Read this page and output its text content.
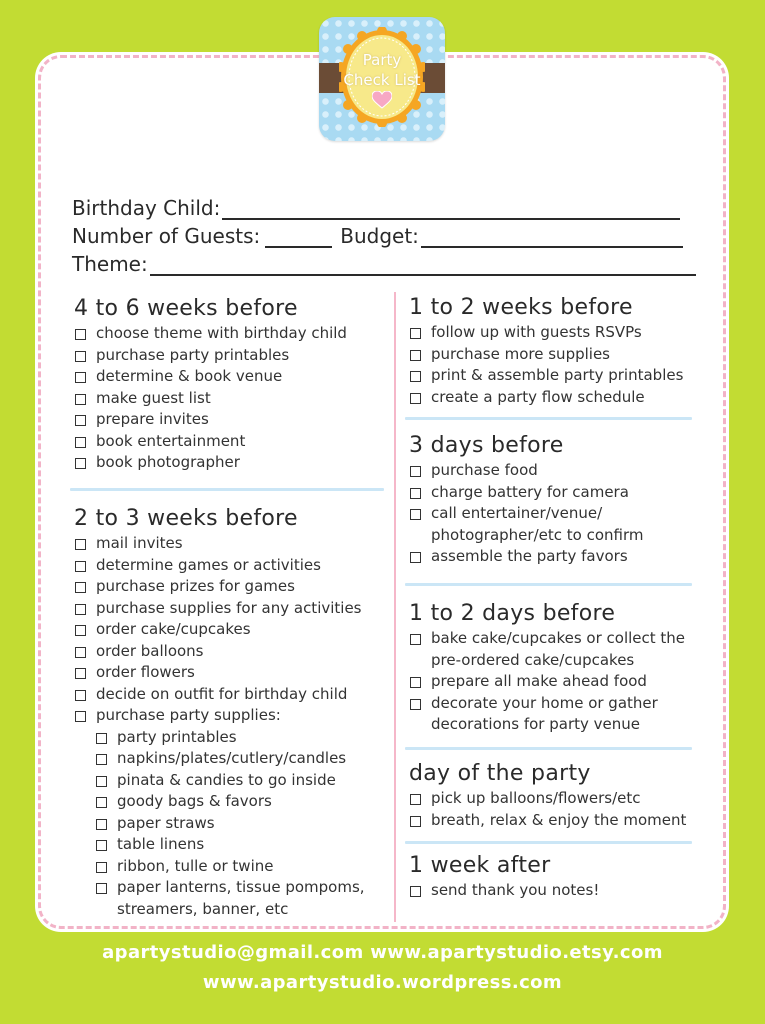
Party
Check List
Birthday Child:
Number of Guests:	Budget:
Theme:
4 to 6 weeks before
choose theme with birthday child
purchase party printables
determine & book venue
make guest list
prepare invites
book entertainment
book photographer
2 to 3 weeks before
mail invites
determine games or activities
purchase prizes for games
purchase supplies for any activities
order cake/cupcakes
order balloons
order flowers
decide on outfit for birthday child
purchase party supplies:
party printables
napkins/plates/cutlery/candles
pinata & candies to go inside
goody bags & favors
paper straws
table linens
ribbon, tulle or twine
paper lanterns, tissue pompoms,
streamers, banner, etc
1 to 2 weeks before
follow up with guests RSVPs
purchase more supplies
print & assemble party printables
create a party flow schedule
3 days before
purchase food
charge battery for camera
call entertainer/venue/
photographer/etc to confirm
assemble the party favors
1 to 2 days before
bake cake/cupcakes or collect the
pre-ordered cake/cupcakes
prepare all make ahead food
decorate your home or gather
decorations for party venue
day of the party
pick up balloons/flowers/etc
breath, relax & enjoy the moment
1 week after
send thank you notes!
apartystudio@gmail.com www.apartystudio.etsy.com
www.apartystudio.wordpress.com
